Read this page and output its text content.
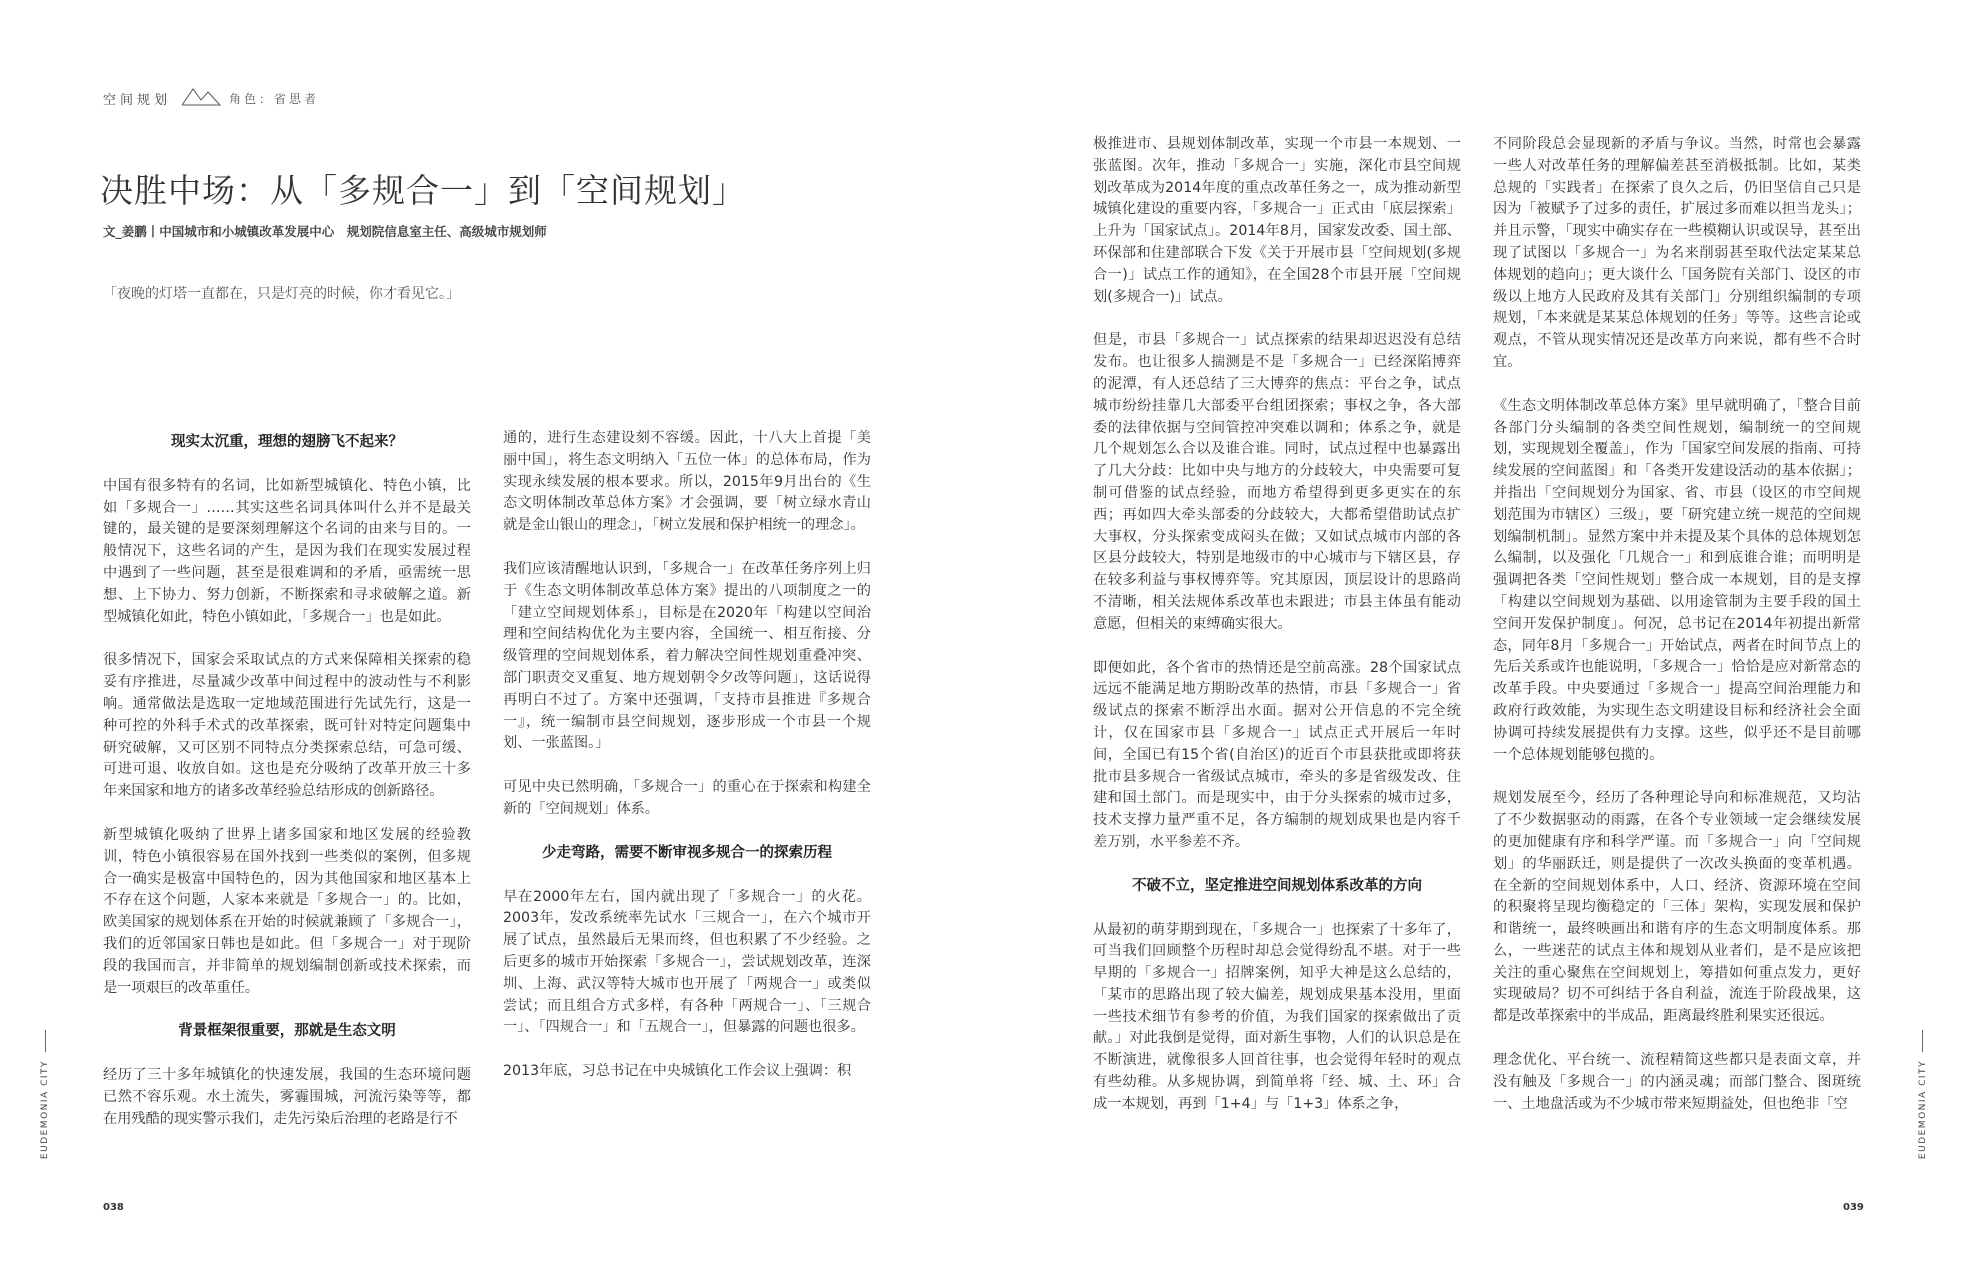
空间规划	角色：省思者
决胜中场：从「多规合一」到「空间规划」
文_姜鹏丨中国城市和小城镇改革发展中心　规划院信息室主任、高级城市规划师
「夜晚的灯塔一直都在，只是灯亮的时候，你才看见它。」
现实太沉重，理想的翅膀飞不起来？

中国有很多特有的名词，比如新型城镇化、特色小镇，比如「多规合一」……其实这些名词具体叫什么并不是最关键的，最关键的是要深刻理解这个名词的由来与目的。一般情况下，这些名词的产生，是因为我们在现实发展过程中遇到了一些问题，甚至是很难调和的矛盾，亟需统一思想、上下协力、努力创新，不断探索和寻求破解之道。新型城镇化如此，特色小镇如此，「多规合一」也是如此。

很多情况下，国家会采取试点的方式来保障相关探索的稳妥有序推进，尽量减少改革中间过程中的波动性与不利影响。通常做法是选取一定地域范围进行先试先行，这是一种可控的外科手术式的改革探索，既可针对特定问题集中研究破解，又可区别不同特点分类探索总结，可急可缓、可进可退、收放自如。这也是充分吸纳了改革开放三十多年来国家和地方的诸多改革经验总结形成的创新路径。

新型城镇化吸纳了世界上诸多国家和地区发展的经验教训，特色小镇很容易在国外找到一些类似的案例，但多规合一确实是极富中国特色的，因为其他国家和地区基本上不存在这个问题，人家本来就是「多规合一」的。比如，欧美国家的规划体系在开始的时候就兼顾了「多规合一」，我们的近邻国家日韩也是如此。但「多规合一」对于现阶段的我国而言，并非简单的规划编制创新或技术探索，而是一项艰巨的改革重任。

背景框架很重要，那就是生态文明

经历了三十多年城镇化的快速发展，我国的生态环境问题已然不容乐观。水土流失，雾霾围城，河流污染等等，都在用残酷的现实警示我们，走先污染后治理的老路是行不

通的，进行生态建设刻不容缓。因此，十八大上首提「美丽中国」，将生态文明纳入「五位一体」的总体布局，作为实现永续发展的根本要求。所以，2015年9月出台的《生态文明体制改革总体方案》才会强调，要「树立绿水青山就是金山银山的理念」，「树立发展和保护相统一的理念」。

我们应该清醒地认识到，「多规合一」在改革任务序列上归于《生态文明体制改革总体方案》提出的八项制度之一的「建立空间规划体系」，目标是在2020年「构建以空间治理和空间结构优化为主要内容，全国统一、相互衔接、分级管理的空间规划体系，着力解决空间性规划重叠冲突、部门职责交叉重复、地方规划朝令夕改等问题」，这话说得再明白不过了。方案中还强调，「支持市县推进『多规合一』，统一编制市县空间规划，逐步形成一个市县一个规划、一张蓝图。」

可见中央已然明确，「多规合一」的重心在于探索和构建全新的「空间规划」体系。

少走弯路，需要不断审视多规合一的探索历程

早在2000年左右，国内就出现了「多规合一」的火花。2003年，发改系统率先试水「三规合一」，在六个城市开展了试点，虽然最后无果而终，但也积累了不少经验。之后更多的城市开始探索「多规合一」，尝试规划改革，连深圳、上海、武汉等特大城市也开展了「两规合一」或类似尝试；而且组合方式多样，有各种「两规合一」、「三规合一」、「四规合一」和「五规合一」，但暴露的问题也很多。

2013年底，习总书记在中央城镇化工作会议上强调：积

EUDEMONIA CITY
038

极推进市、县规划体制改革，实现一个市县一本规划、一张蓝图。次年，推动「多规合一」实施，深化市县空间规划改革成为2014年度的重点改革任务之一，成为推动新型城镇化建设的重要内容，「多规合一」正式由「底层探索」上升为「国家试点」。2014年8月，国家发改委、国土部、环保部和住建部联合下发《关于开展市县「空间规划(多规合一)」试点工作的通知》，在全国28个市县开展「空间规划(多规合一)」试点。

但是，市县「多规合一」试点探索的结果却迟迟没有总结发布。也让很多人揣测是不是「多规合一」已经深陷博弈的泥潭，有人还总结了三大博弈的焦点：平台之争，试点城市纷纷挂靠几大部委平台组团探索；事权之争，各大部委的法律依据与空间管控冲突难以调和；体系之争，就是几个规划怎么合以及谁合谁。同时，试点过程中也暴露出了几大分歧：比如中央与地方的分歧较大，中央需要可复制可借鉴的试点经验，而地方希望得到更多更实在的东西；再如四大牵头部委的分歧较大，大都希望借助试点扩大事权，分头探索变成闷头在做；又如试点城市内部的各区县分歧较大，特别是地级市的中心城市与下辖区县，存在较多利益与事权博弈等。究其原因，顶层设计的思路尚不清晰，相关法规体系改革也未跟进；市县主体虽有能动意愿，但相关的束缚确实很大。

即便如此，各个省市的热情还是空前高涨。28个国家试点远远不能满足地方期盼改革的热情，市县「多规合一」省级试点的探索不断浮出水面。据对公开信息的不完全统计，仅在国家市县「多规合一」试点正式开展后一年时间，全国已有15个省(自治区)的近百个市县获批或即将获批市县多规合一省级试点城市，牵头的多是省级发改、住建和国土部门。而是现实中，由于分头探索的城市过多，技术支撑力量严重不足，各方编制的规划成果也是内容千差万别，水平参差不齐。

不破不立，坚定推进空间规划体系改革的方向

从最初的萌芽期到现在，「多规合一」也探索了十多年了，可当我们回顾整个历程时却总会觉得纷乱不堪。对于一些早期的「多规合一」招牌案例，知乎大神是这么总结的，「某市的思路出现了较大偏差，规划成果基本没用，里面一些技术细节有参考的价值，为我们国家的探索做出了贡献。」对此我倒是觉得，面对新生事物，人们的认识总是在不断演进，就像很多人回首往事，也会觉得年轻时的观点有些幼稚。从多规协调，到简单将「经、城、土、环」合成一本规划，再到「1+4」与「1+3」体系之争，

不同阶段总会显现新的矛盾与争议。当然，时常也会暴露一些人对改革任务的理解偏差甚至消极抵制。比如，某类总规的「实践者」在探索了良久之后，仍旧坚信自己只是因为「被赋予了过多的责任，扩展过多而难以担当龙头」；并且示警，「现实中确实存在一些模糊认识或误导，甚至出现了试图以「多规合一」为名来削弱甚至取代法定某某总体规划的趋向」；更大谈什么「国务院有关部门、设区的市级以上地方人民政府及其有关部门」分别组织编制的专项规划，「本来就是某某总体规划的任务」等等。这些言论或观点，不管从现实情况还是改革方向来说，都有些不合时宜。

《生态文明体制改革总体方案》里早就明确了，「整合目前各部门分头编制的各类空间性规划，编制统一的空间规划，实现规划全覆盖」，作为「国家空间发展的指南、可持续发展的空间蓝图」和「各类开发建设活动的基本依据」；并指出「空间规划分为国家、省、市县（设区的市空间规划范围为市辖区）三级」，要「研究建立统一规范的空间规划编制机制」。显然方案中并未提及某个具体的总体规划怎么编制，以及强化「几规合一」和到底谁合谁；而明明是强调把各类「空间性规划」整合成一本规划，目的是支撑「构建以空间规划为基础、以用途管制为主要手段的国土空间开发保护制度」。何况，总书记在2014年初提出新常态，同年8月「多规合一」开始试点，两者在时间节点上的先后关系或许也能说明，「多规合一」恰恰是应对新常态的改革手段。中央要通过「多规合一」提高空间治理能力和政府行政效能，为实现生态文明建设目标和经济社会全面协调可持续发展提供有力支撑。这些，似乎还不是目前哪一个总体规划能够包揽的。

规划发展至今，经历了各种理论导向和标准规范，又均沾了不少数据驱动的雨露，在各个专业领域一定会继续发展的更加健康有序和科学严谨。而「多规合一」向「空间规划」的华丽跃迁，则是提供了一次改头换面的变革机遇。在全新的空间规划体系中，人口、经济、资源环境在空间的积聚将呈现均衡稳定的「三体」架构，实现发展和保护和谐统一，最终映画出和谐有序的生态文明制度体系。那么，一些迷茫的试点主体和规划从业者们，是不是应该把关注的重心聚焦在空间规划上，筹措如何重点发力，更好实现破局？切不可纠结于各自利益，流连于阶段战果，这都是改革探索中的半成品，距离最终胜利果实还很远。

理念优化、平台统一、流程精简这些都只是表面文章，并没有触及「多规合一」的内涵灵魂；而部门整合、图斑统一、土地盘活或为不少城市带来短期益处，但也绝非「空	EUDEMONIA CITY
039
